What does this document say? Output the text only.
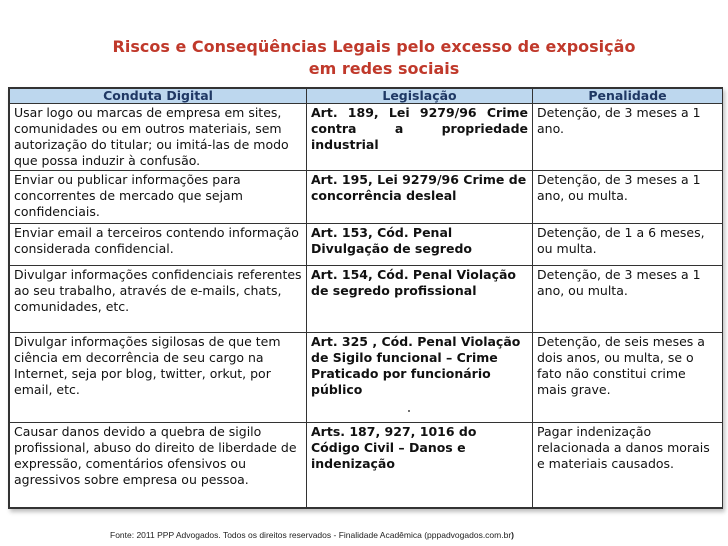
Riscos e Conseqüências Legais pelo excesso de exposição
em redes sociais
Conduta Digital	Legislação	Penalidade
Usar logo ou marcas de empresa em sites, comunidades ou em outros materiais, sem autorização do titular; ou imitá-las de modo que possa induzir à confusão.	Art. 189, Lei 9279/96 Crime contra a propriedade industrial	Detenção, de 3 meses a 1 ano.
Enviar ou publicar informações para concorrentes de mercado que sejam confidenciais.	Art. 195, Lei 9279/96 Crime de concorrência desleal	Detenção, de 3 meses a 1 ano, ou multa.
Enviar email a terceiros contendo informação considerada confidencial.	Art. 153, Cód. Penal Divulgação de segredo	Detenção, de 1 a 6 meses, ou multa.
Divulgar informações confidenciais referentes ao seu trabalho, através de e-mails, chats, comunidades, etc.	Art. 154, Cód. Penal Violação de segredo profissional	Detenção, de 3 meses a 1 ano, ou multa.
Divulgar informações sigilosas de que tem ciência em decorrência de seu cargo na Internet, seja por blog, twitter, orkut, por email, etc.	Art. 325 , Cód. Penal Violação de Sigilo funcional – Crime Praticado por funcionário público	Detenção, de seis meses a dois anos, ou multa, se o fato não constitui crime mais grave.
Causar danos devido a quebra de sigilo profissional, abuso do direito de liberdade de expressão, comentários ofensivos ou agressivos sobre empresa ou pessoa.	Arts. 187, 927, 1016 do Código Civil – Danos e indenização	Pagar indenização relacionada a danos morais e materiais causados.
Fonte: 2011 PPP Advogados. Todos os direitos reservados - Finalidade Acadêmica (pppadvogados.com.br)
